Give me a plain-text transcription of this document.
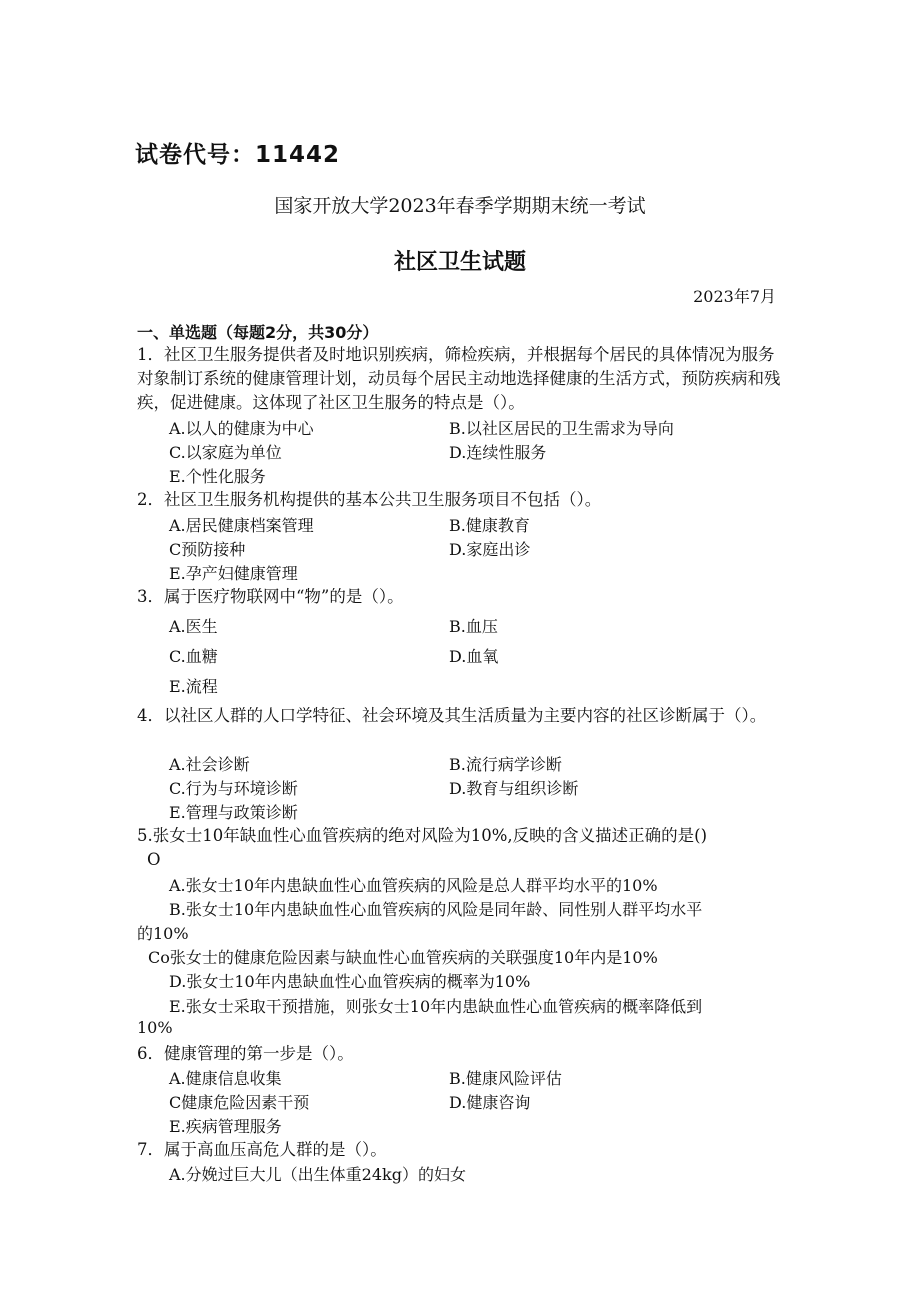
试卷代号：11442
国家开放大学2023年春季学期期末统一考试
社区卫生试题
2023年7月
一、单选题（每题2分，共30分）
1．社区卫生服务提供者及时地识别疾病，筛检疾病，并根据每个居民的具体情况为服务对象制订系统的健康管理计划，动员每个居民主动地选择健康的生活方式，预防疾病和残疾，促进健康。这体现了社区卫生服务的特点是（）。
A.以人的健康为中心	B.以社区居民的卫生需求为导向
C.以家庭为单位	D.连续性服务
E.个性化服务
2．社区卫生服务机构提供的基本公共卫生服务项目不包括（）。
A.居民健康档案管理	B.健康教育
C预防接种	D.家庭出诊
E.孕产妇健康管理
3．属于医疗物联网中“物”的是（）。
A.医生	B.血压
C.血糖	D.血氧
E.流程
4．以社区人群的人口学特征、社会环境及其生活质量为主要内容的社区诊断属于（）。
A.社会诊断	B.流行病学诊断
C.行为与环境诊断	D.教育与组织诊断
E.管理与政策诊断
5.张女士10年缺血性心血管疾病的绝对风险为10%,反映的含义描述正确的是()
O
A.张女士10年内患缺血性心血管疾病的风险是总人群平均水平的10%
B.张女士10年内患缺血性心血管疾病的风险是同年龄、同性别人群平均水平
的10%
Co张女士的健康危险因素与缺血性心血管疾病的关联强度10年内是10%
D.张女士10年内患缺血性心血管疾病的概率为10%
E.张女士采取干预措施，则张女士10年内患缺血性心血管疾病的概率降低到
10%
6．健康管理的第一步是（）。
A.健康信息收集	B.健康风险评估
C健康危险因素干预	D.健康咨询
E.疾病管理服务
7．属于高血压高危人群的是（）。
A.分娩过巨大儿（出生体重24kg）的妇女
